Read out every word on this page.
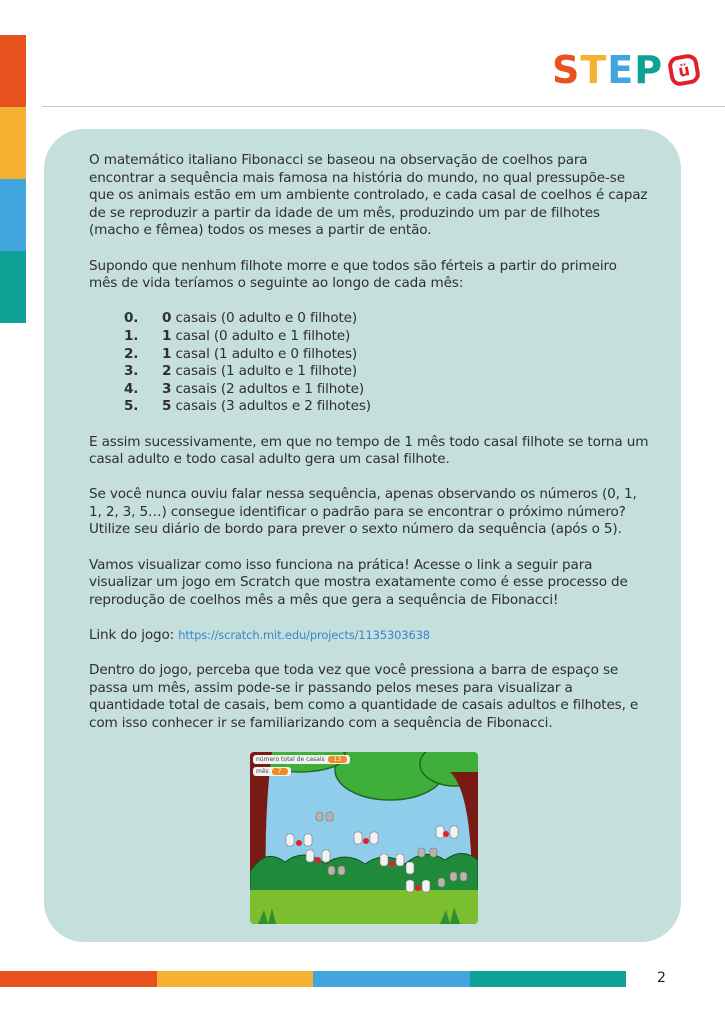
S T E P ü

O matemático italiano Fibonacci se baseou na observação de coelhos para encontrar a sequência mais famosa na história do mundo, no qual pressupõe-se que os animais estão em um ambiente controlado, e cada casal de coelhos é capaz de se reproduzir a partir da idade de um mês, produzindo um par de filhotes (macho e fêmea) todos os meses a partir de então.

Supondo que nenhum filhote morre e que todos são férteis a partir do primeiro mês de vida teríamos o seguinte ao longo de cada mês:

0.	0 casais (0 adulto e 0 filhote)
1.	1 casal (0 adulto e 1 filhote)
2.	1 casal (1 adulto e 0 filhotes)
3.	2 casais (1 adulto e 1 filhote)
4.	3 casais (2 adultos e 1 filhote)
5.	5 casais (3 adultos e 2 filhotes)

E assim sucessivamente, em que no tempo de 1 mês todo casal filhote se torna um casal adulto e todo casal adulto gera um casal filhote.

Se você nunca ouviu falar nessa sequência, apenas observando os números (0, 1, 1, 2, 3, 5…) consegue identificar o padrão para se encontrar o próximo número? Utilize seu diário de bordo para prever o sexto número da sequência (após o 5).

Vamos visualizar como isso funciona na prática! Acesse o link a seguir para visualizar um jogo em Scratch que mostra exatamente como é esse processo de reprodução de coelhos mês a mês que gera a sequência de Fibonacci!

Link do jogo: https://scratch.mit.edu/projects/1135303638

Dentro do jogo, perceba que toda vez que você pressiona a barra de espaço se passa um mês, assim pode-se ir passando pelos meses para visualizar a quantidade total de casais, bem como a quantidade de casais adultos e filhotes, e com isso conhecer ir se familiarizando com a sequência de Fibonacci.

número total de casais	13
mês	7
2
